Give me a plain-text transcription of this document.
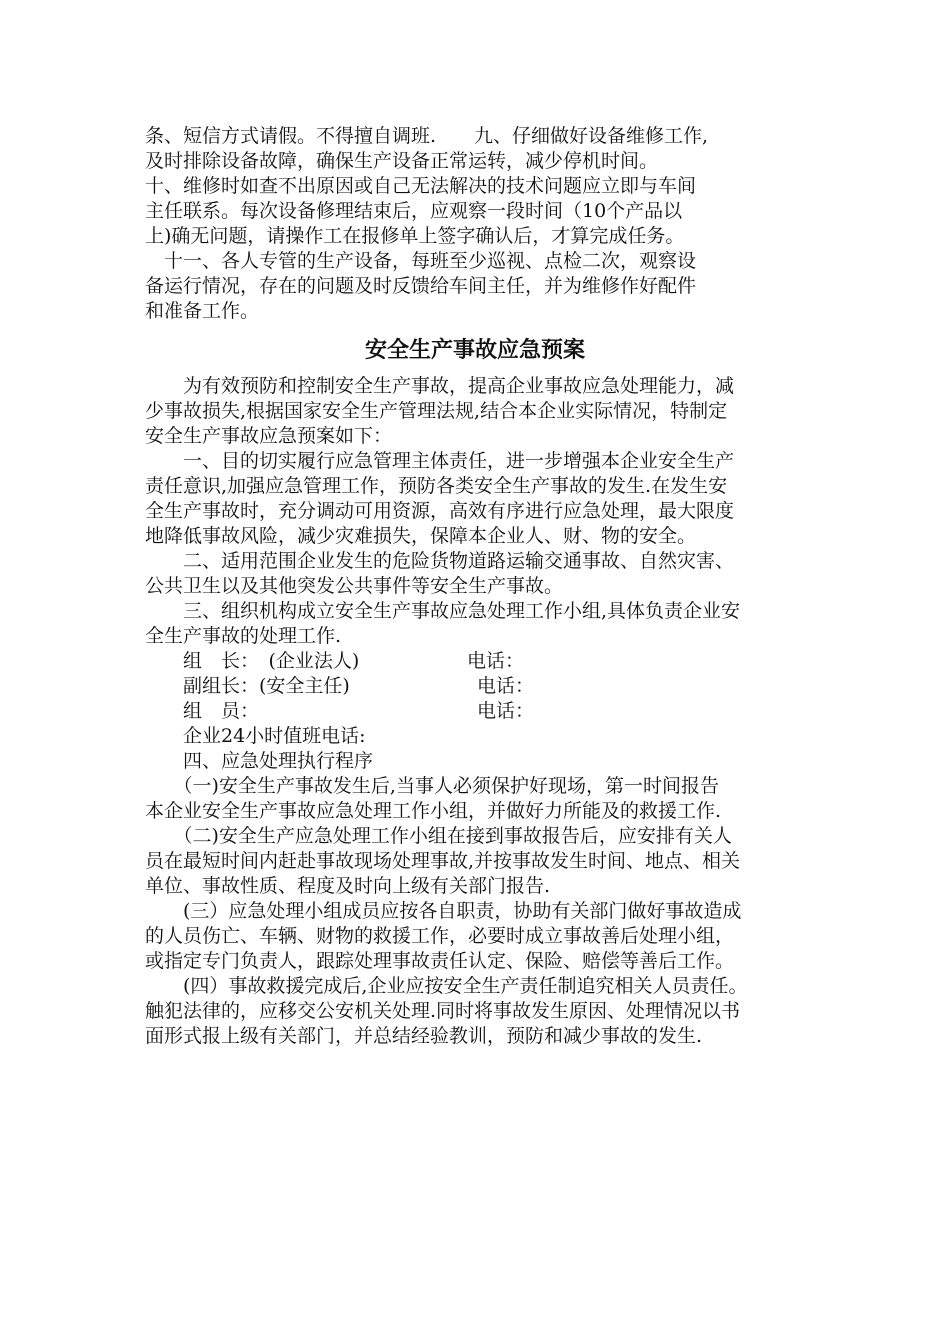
条、短信方式请假。不得擅自调班.　　九、仔细做好设备维修工作,
及时排除设备故障，确保生产设备正常运转，减少停机时间。
十、维修时如查不出原因或自己无法解决的技术问题应立即与车间
主任联系。每次设备修理结束后，应观察一段时间（10个产品以
上)确无问题，请操作工在报修单上签字确认后，才算完成任务。
　十一、各人专管的生产设备，每班至少巡视、点检二次，观察设
备运行情况，存在的问题及时反馈给车间主任，并为维修作好配件
和准备工作。
安全生产事故应急预案
　　为有效预防和控制安全生产事故，提高企业事故应急处理能力，减
少事故损失,根据国家安全生产管理法规,结合本企业实际情况，特制定
安全生产事故应急预案如下：
　　一、目的切实履行应急管理主体责任，进一步增强本企业安全生产
责任意识,加强应急管理工作，预防各类安全生产事故的发生.在发生安
全生产事故时，充分调动可用资源，高效有序进行应急处理，最大限度
地降低事故风险，减少灾难损失，保障本企业人、财、物的安全。
　　二、适用范围企业发生的危险货物道路运输交通事故、自然灾害、
公共卫生以及其他突发公共事件等安全生产事故。
　　三、组织机构成立安全生产事故应急处理工作小组,具体负责企业安
全生产事故的处理工作.
组　长：　(企业法人)	电话：
副组长：(安全主任)	电话：
组　员：	电话：
　　企业24小时值班电话:
　　四、应急处理执行程序
　　（一)安全生产事故发生后,当事人必须保护好现场，第一时间报告
本企业安全生产事故应急处理工作小组，并做好力所能及的救援工作.
　　（二)安全生产应急处理工作小组在接到事故报告后，应安排有关人
员在最短时间内赶赴事故现场处理事故,并按事故发生时间、地点、相关
单位、事故性质、程度及时向上级有关部门报告.
　　(三）应急处理小组成员应按各自职责，协助有关部门做好事故造成
的人员伤亡、车辆、财物的救援工作，必要时成立事故善后处理小组，
或指定专门负责人，跟踪处理事故责任认定、保险、赔偿等善后工作。
　　(四）事故救援完成后,企业应按安全生产责任制追究相关人员责任。
触犯法律的，应移交公安机关处理.同时将事故发生原因、处理情况以书
面形式报上级有关部门，并总结经验教训，预防和减少事故的发生.
